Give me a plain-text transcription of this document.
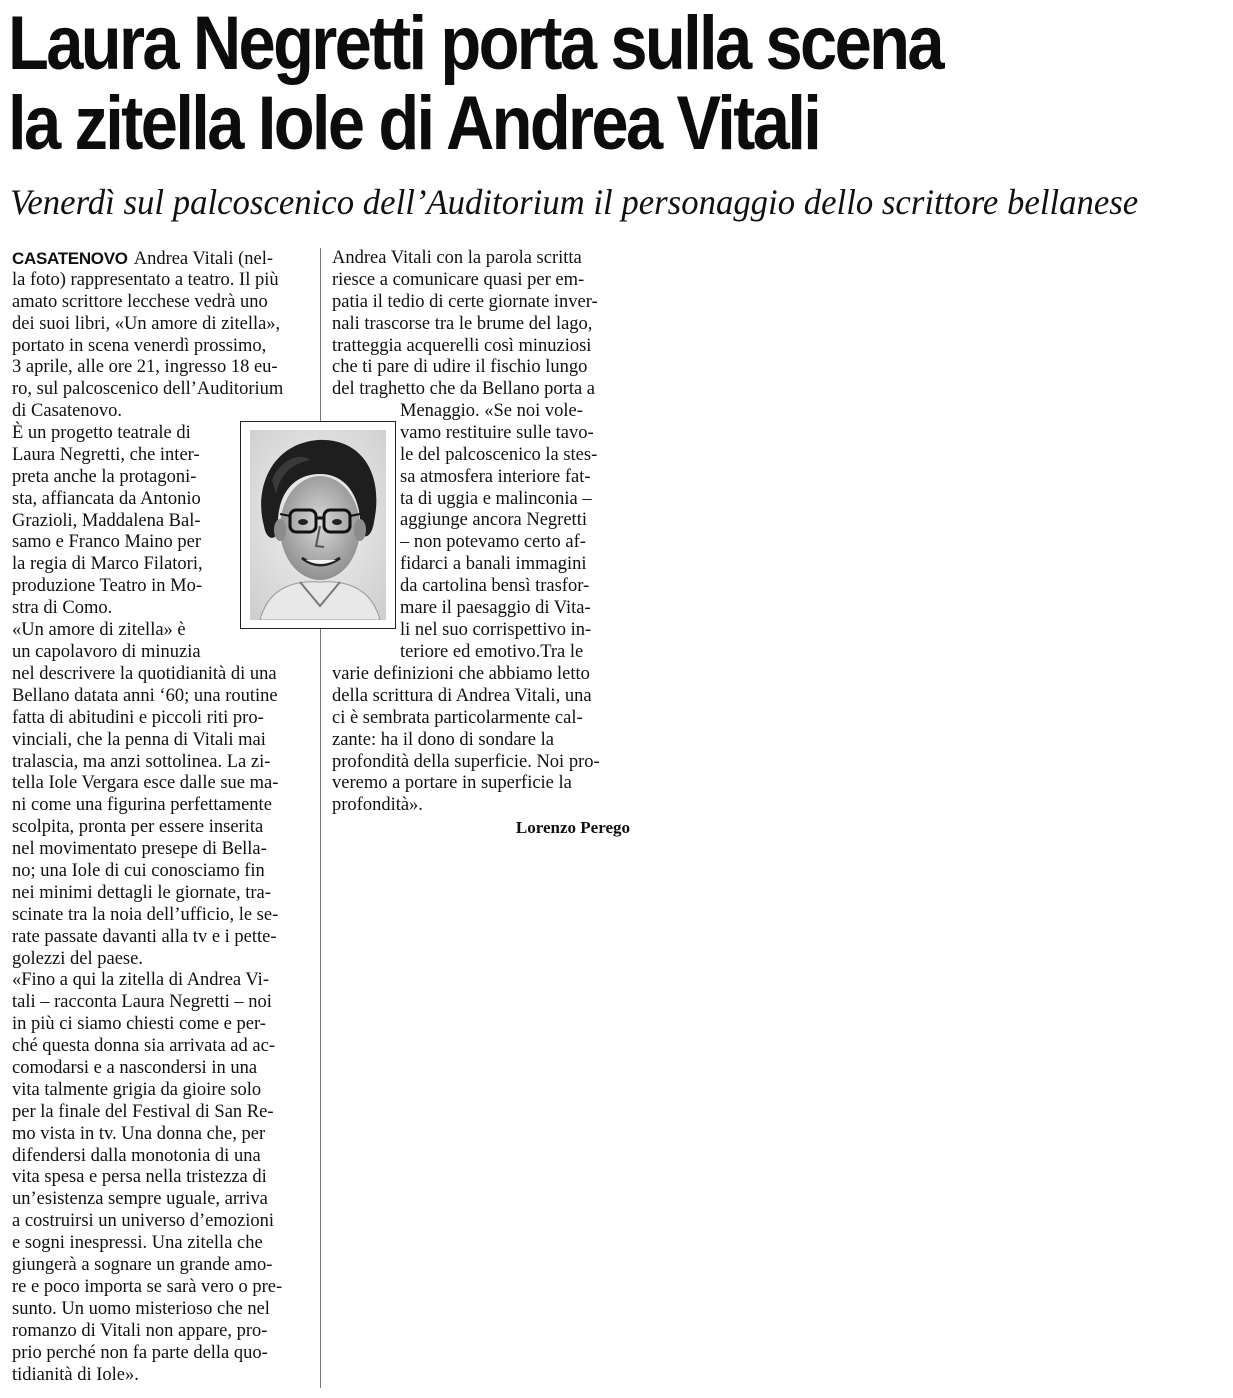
Laura Negretti porta sulla scena
la zitella Iole di Andrea Vitali
Venerdì sul palcoscenico dell’Auditorium il personaggio dello scrittore bellanese
CASATENOVO Andrea Vitali (nel-
la foto) rappresentato a teatro. Il più
amato scrittore lecchese vedrà uno
dei suoi libri, «Un amore di zitella»,
portato in scena venerdì prossimo,
3 aprile, alle ore 21, ingresso 18 eu-
ro, sul palcoscenico dell’Auditorium
di Casatenovo.
È un progetto teatrale di
Laura Negretti, che inter-
preta anche la protagoni-
sta, affiancata da Antonio
Grazioli, Maddalena Bal-
samo e Franco Maino per
la regia di Marco Filatori,
produzione Teatro in Mo-
stra di Como.
«Un amore di zitella» è
un capolavoro di minuzia
nel descrivere la quotidianità di una
Bellano datata anni ‘60; una routine
fatta di abitudini e piccoli riti pro-
vinciali, che la penna di Vitali mai
tralascia, ma anzi sottolinea. La zi-
tella Iole Vergara esce dalle sue ma-
ni come una figurina perfettamente
scolpita, pronta per essere inserita
nel movimentato presepe di Bella-
no; una Iole di cui conosciamo fin
nei minimi dettagli le giornate, tra-
scinate tra la noia dell’ufficio, le se-
rate passate davanti alla tv e i pette-
golezzi del paese.
«Fino a qui la zitella di Andrea Vi-
tali – racconta Laura Negretti – noi
in più ci siamo chiesti come e per-
ché questa donna sia arrivata ad ac-
comodarsi e a nascondersi in una
vita talmente grigia da gioire solo
per la finale del Festival di San Re-
mo vista in tv. Una donna che, per
difendersi dalla monotonia di una
vita spesa e persa nella tristezza di
un’esistenza sempre uguale, arriva
a costruirsi un universo d’emozioni
e sogni inespressi. Una zitella che
giungerà a sognare un grande amo-
re e poco importa se sarà vero o pre-
sunto. Un uomo misterioso che nel
romanzo di Vitali non appare, pro-
prio perché non fa parte della quo-
tidianità di Iole».
Andrea Vitali con la parola scritta
riesce a comunicare quasi per em-
patia il tedio di certe giornate inver-
nali trascorse tra le brume del lago,
tratteggia acquerelli così minuziosi
che ti pare di udire il fischio lungo
del traghetto che da Bellano porta a
Menaggio. «Se noi vole-
vamo restituire sulle tavo-
le del palcoscenico la stes-
sa atmosfera interiore fat-
ta di uggia e malinconia –
aggiunge ancora Negretti
– non potevamo certo af-
fidarci a banali immagini
da cartolina bensì trasfor-
mare il paesaggio di Vita-
li nel suo corrispettivo in-
teriore ed emotivo.Tra le
varie definizioni che abbiamo letto
della scrittura di Andrea Vitali, una
ci è sembrata particolarmente cal-
zante: ha il dono di sondare la
profondità della superficie. Noi pro-
veremo a portare in superficie la
profondità».
Lorenzo Perego
